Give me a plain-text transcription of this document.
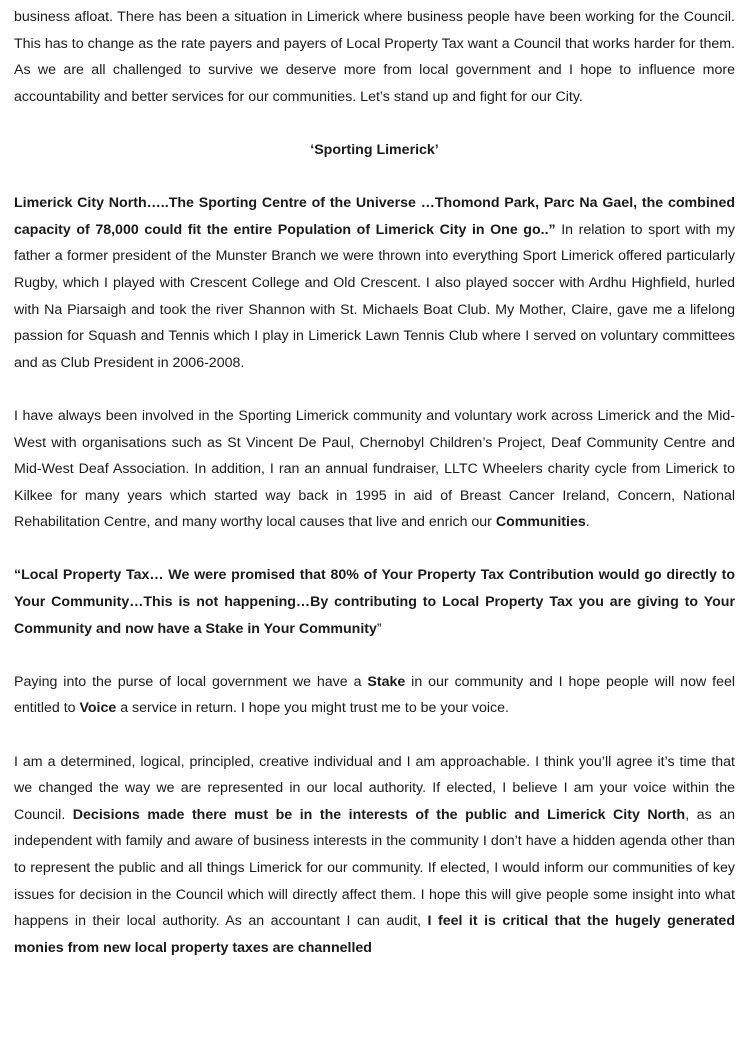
business afloat. There has been a situation in Limerick where business people have been working for the Council. This has to change as the rate payers and payers of Local Property Tax want a Council that works harder for them. As we are all challenged to survive we deserve more from local government and I hope to influence more accountability and better services for our communities. Let’s stand up and fight for our City.

‘Sporting Limerick’

Limerick City North…..The Sporting Centre of the Universe …Thomond Park, Parc Na Gael, the combined capacity of 78,000 could fit the entire Population of Limerick City in One go..” In relation to sport with my father a former president of the Munster Branch we were thrown into everything Sport Limerick offered particularly Rugby, which I played with Crescent College and Old Crescent. I also played soccer with Ardhu Highfield, hurled with Na Piarsaigh and took the river Shannon with St. Michaels Boat Club. My Mother, Claire, gave me a lifelong passion for Squash and Tennis which I play in Limerick Lawn Tennis Club where I served on voluntary committees and as Club President in 2006-2008.

I have always been involved in the Sporting Limerick community and voluntary work across Limerick and the Mid-West with organisations such as St Vincent De Paul, Chernobyl Children’s Project, Deaf Community Centre and Mid-West Deaf Association. In addition, I ran an annual fundraiser, LLTC Wheelers charity cycle from Limerick to Kilkee for many years which started way back in 1995 in aid of Breast Cancer Ireland, Concern, National Rehabilitation Centre, and many worthy local causes that live and enrich our Communities.

“Local Property Tax… We were promised that 80% of Your Property Tax Contribution would go directly to Your Community…This is not happening…By contributing to Local Property Tax you are giving to Your Community and now have a Stake in Your Community”

Paying into the purse of local government we have a Stake in our community and I hope people will now feel entitled to Voice a service in return. I hope you might trust me to be your voice.

I am a determined, logical, principled, creative individual and I am approachable. I think you’ll agree it’s time that we changed the way we are represented in our local authority. If elected, I believe I am your voice within the Council. Decisions made there must be in the interests of the public and Limerick City North, as an independent with family and aware of business interests in the community I don’t have a hidden agenda other than to represent the public and all things Limerick for our community. If elected, I would inform our communities of key issues for decision in the Council which will directly affect them. I hope this will give people some insight into what happens in their local authority. As an accountant I can audit, I feel it is critical that the hugely generated monies from new local property taxes are channelled
